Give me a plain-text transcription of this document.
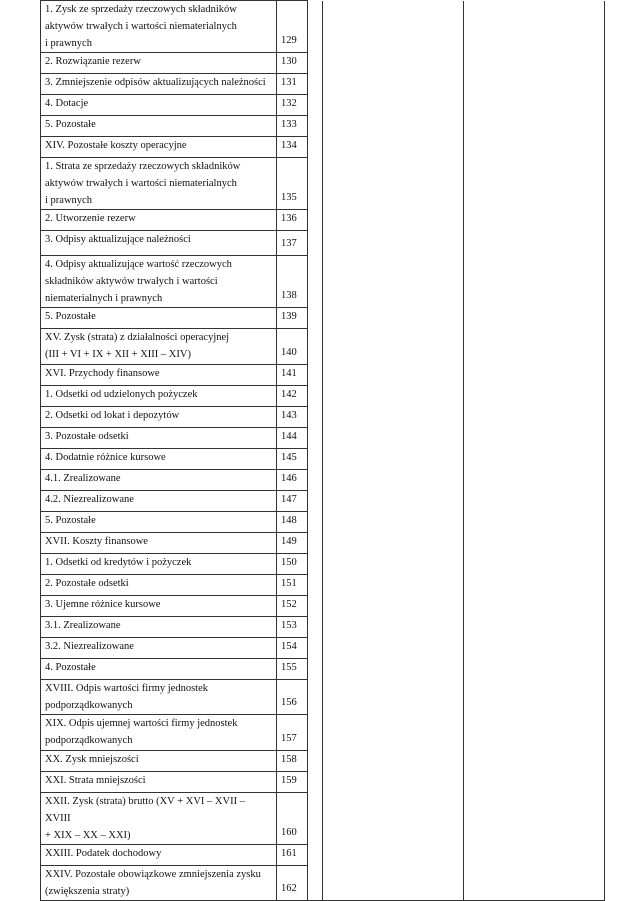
1. Zysk ze sprzedaży rzeczowych składników
aktywów trwałych i wartości niematerialnych
i prawnych	129			
2. Rozwiązanie rezerw	130			
3. Zmniejszenie odpisów aktualizujących należności	131			
4. Dotacje	132			
5. Pozostałe	133			
XIV. Pozostałe koszty operacyjne	134			
1. Strata ze sprzedaży rzeczowych składników
aktywów trwałych i wartości niematerialnych
i prawnych	135			
2. Utworzenie rezerw	136			
3. Odpisy aktualizujące należności	137			
4. Odpisy aktualizujące wartość rzeczowych
składników aktywów trwałych i wartości
niematerialnych i prawnych	138			
5. Pozostałe	139			
XV. Zysk (strata) z działalności operacyjnej
(III + VI + IX + XII + XIII – XIV)	140			
XVI. Przychody finansowe	141			
1. Odsetki od udzielonych pożyczek	142			
2. Odsetki od lokat i depozytów	143			
3. Pozostałe odsetki	144			
4. Dodatnie różnice kursowe	145			
4.1. Zrealizowane	146			
4.2. Niezrealizowane	147			
5. Pozostałe	148			
XVII. Koszty finansowe	149			
1. Odsetki od kredytów i pożyczek	150			
2. Pozostałe odsetki	151			
3. Ujemne różnice kursowe	152			
3.1. Zrealizowane	153			
3.2. Niezrealizowane	154			
4. Pozostałe	155			
XVIII. Odpis wartości firmy jednostek
podporządkowanych	156			
XIX. Odpis ujemnej wartości firmy jednostek
podporządkowanych	157			
XX. Zysk mniejszości	158			
XXI. Strata mniejszości	159			
XXII. Zysk (strata) brutto (XV + XVI – XVII – XVIII
+ XIX – XX – XXI)	160			
XXIII. Podatek dochodowy	161			
XXIV. Pozostałe obowiązkowe zmniejszenia zysku
(zwiększenia straty)	162			
